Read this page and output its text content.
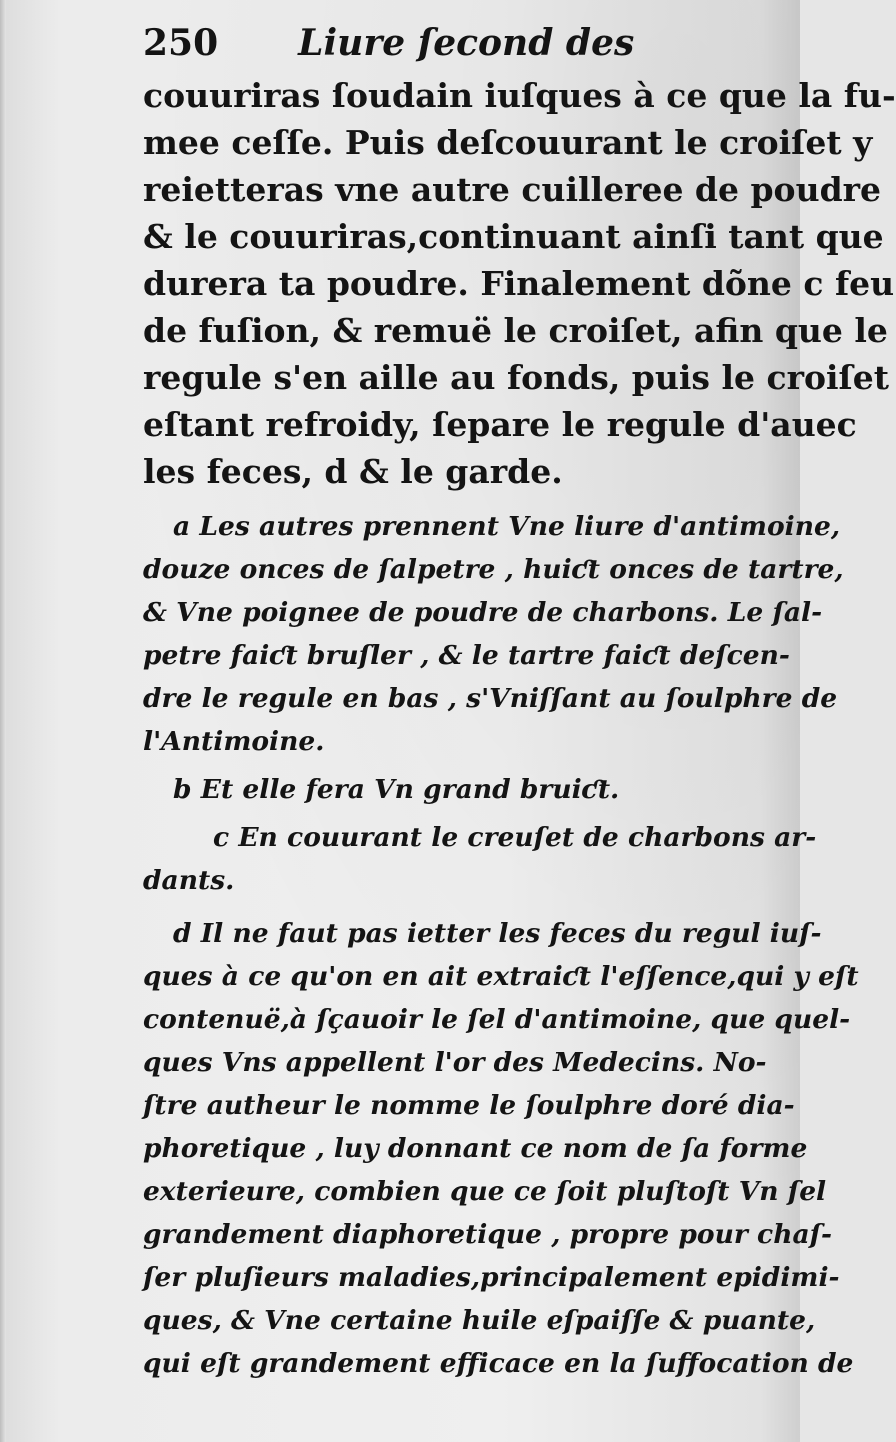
250 Liure ſecond des
couuriras ſoudain iuſques à ce que la fu-
mee ceſſe. Puis deſcouurant le croiſet y
reietteras vne autre cuilleree de poudre
& le couuriras,continuant ainſi tant que
durera ta poudre. Finalement dõne c feu
de fuſion, & remuë le croiſet, afin que le
regule s'en aille au fonds, puis le croiſet
eſtant refroidy, ſepare le regule d'auec
les feces, d & le garde.
a Les autres prennent Vne liure d'antimoine,
douze onces de ſalpetre , huiƈt onces de tartre,
& Vne poignee de poudre de charbons. Le ſal-
petre faiƈt bruſler , & le tartre faiƈt deſcen-
dre le regule en bas , s'Vniſſant au ſoulphre de
l'Antimoine.
b Et elle fera Vn grand bruiƈt.
c En couurant le creuſet de charbons ar-
dants.
d Il ne faut pas ietter les feces du regul iuſ-
ques à ce qu'on en ait extraiƈt l'eſſence,qui y eſt
contenuë,à ſçauoir le ſel d'antimoine, que quel-
ques Vns appellent l'or des Medecins. No-
ſtre autheur le nomme le ſoulphre doré dia-
phoretique , luy donnant ce nom de ſa forme
exterieure, combien que ce ſoit pluſtoſt Vn ſel
grandement diaphoretique , propre pour chaſ-
ſer pluſieurs maladies,principalement epidimi-
ques, & Vne certaine huile eſpaiſſe & puante,
qui eſt grandement efficace en la ſuffocation de
